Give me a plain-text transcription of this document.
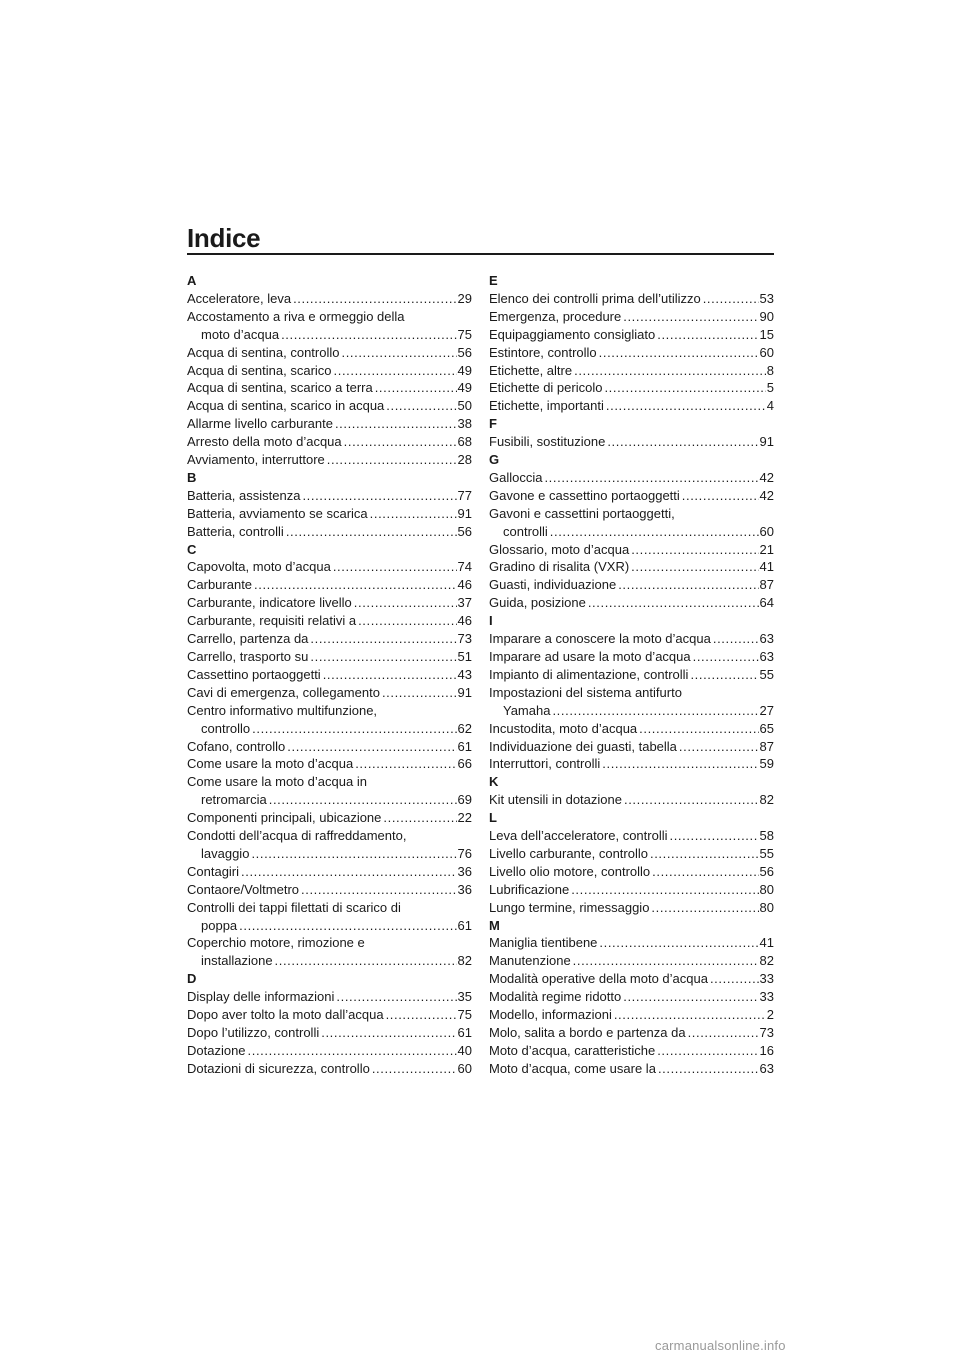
Indice
A
Acceleratore, leva .....	29
Accostamento a riva e ormeggio della
moto d’acqua .....	75
Acqua di sentina, controllo .....	56
Acqua di sentina, scarico .....	49
Acqua di sentina, scarico a terra .....	49
Acqua di sentina, scarico in acqua .....	50
Allarme livello carburante .....	38
Arresto della moto d’acqua .....	68
Avviamento, interruttore .....	28
B
Batteria, assistenza .....	77
Batteria, avviamento se scarica .....	91
Batteria, controlli .....	56
C
Capovolta, moto d’acqua .....	74
Carburante .....	46
Carburante, indicatore livello .....	37
Carburante, requisiti relativi a .....	46
Carrello, partenza da .....	73
Carrello, trasporto su .....	51
Cassettino portaoggetti .....	43
Cavi di emergenza, collegamento .....	91
Centro informativo multifunzione,
controllo .....	62
Cofano, controllo .....	61
Come usare la moto d’acqua .....	66
Come usare la moto d’acqua in
retromarcia .....	69
Componenti principali, ubicazione .....	22
Condotti dell’acqua di raffreddamento,
lavaggio .....	76
Contagiri .....	36
Contaore/Voltmetro .....	36
Controlli dei tappi filettati di scarico di
poppa .....	61
Coperchio motore, rimozione e
installazione .....	82
D
Display delle informazioni .....	35
Dopo aver tolto la moto dall’acqua .....	75
Dopo l’utilizzo, controlli .....	61
Dotazione .....	40
Dotazioni di sicurezza, controllo .....	60
E
Elenco dei controlli prima dell’utilizzo .....	53
Emergenza, procedure .....	90
Equipaggiamento consigliato .....	15
Estintore, controllo .....	60
Etichette, altre .....	8
Etichette di pericolo .....	5
Etichette, importanti .....	4
F
Fusibili, sostituzione .....	91
G
Galloccia .....	42
Gavone e cassettino portaoggetti .....	42
Gavoni e cassettini portaoggetti,
controlli .....	60
Glossario, moto d’acqua .....	21
Gradino di risalita (VXR) .....	41
Guasti, individuazione .....	87
Guida, posizione .....	64
I
Imparare a conoscere la moto d’acqua .....	63
Imparare ad usare la moto d’acqua .....	63
Impianto di alimentazione, controlli .....	55
Impostazioni del sistema antifurto
Yamaha .....	27
Incustodita, moto d’acqua .....	65
Individuazione dei guasti, tabella .....	87
Interruttori, controlli .....	59
K
Kit utensili in dotazione .....	82
L
Leva dell’acceleratore, controlli .....	58
Livello carburante, controllo .....	55
Livello olio motore, controllo .....	56
Lubrificazione .....	80
Lungo termine, rimessaggio .....	80
M
Maniglia tientibene .....	41
Manutenzione .....	82
Modalità operative della moto d’acqua .....	33
Modalità regime ridotto .....	33
Modello, informazioni .....	2
Molo, salita a bordo e partenza da .....	73
Moto d’acqua, caratteristiche .....	16
Moto d’acqua, come usare la .....	63
carmanualsonline.info
